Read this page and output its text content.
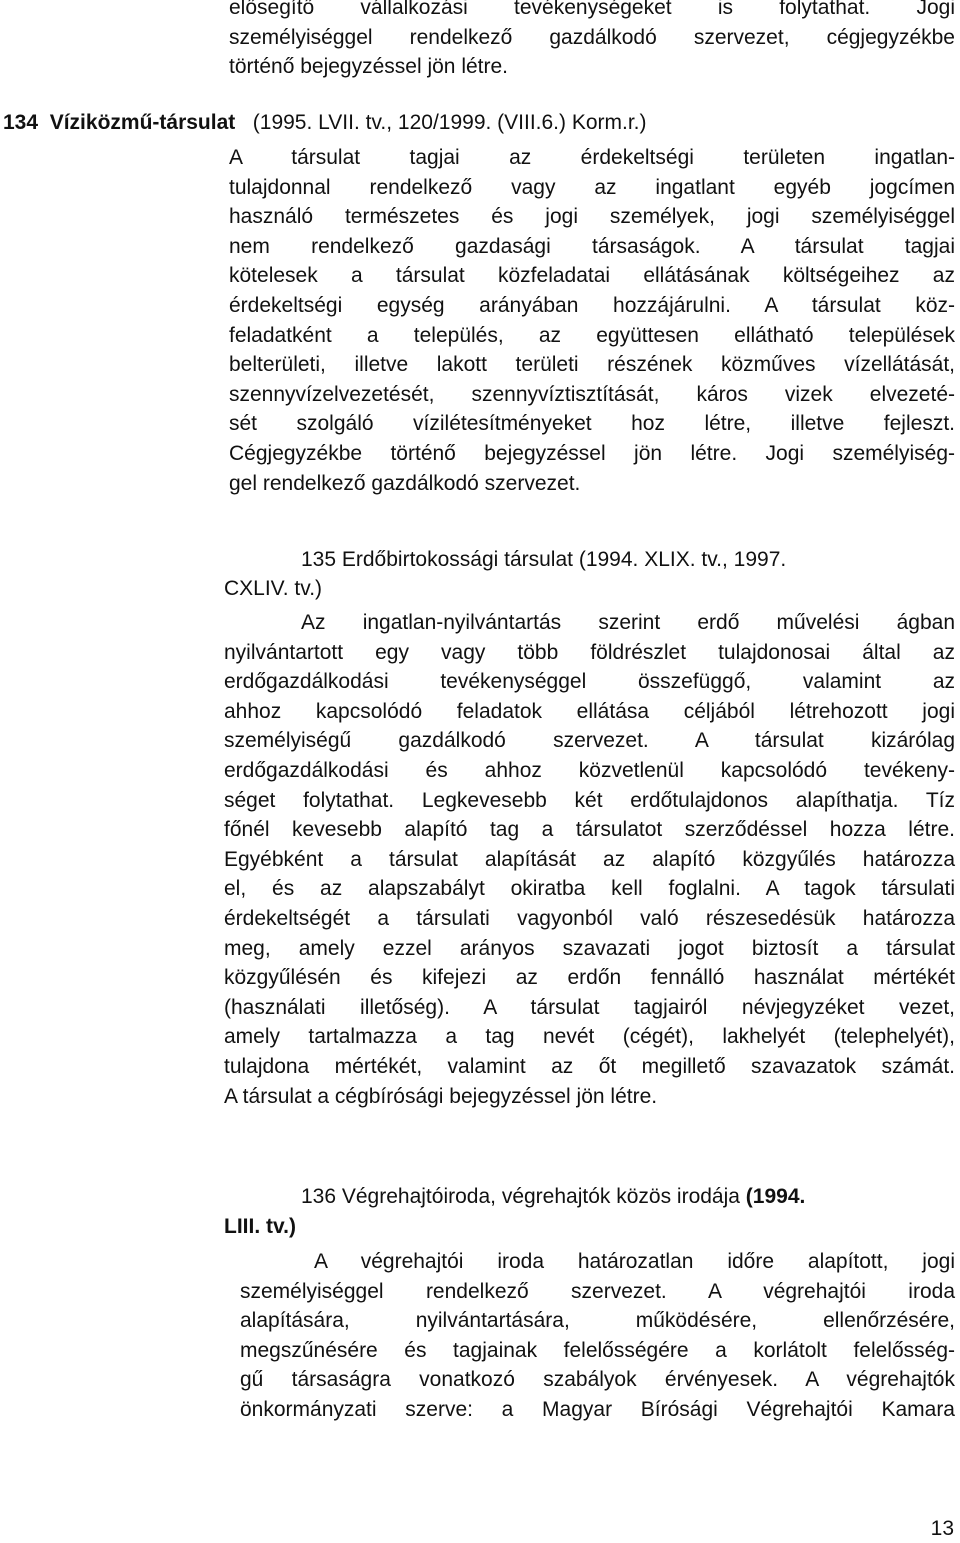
elősegítő vállalkozási tevékenységeket is folytathat. Jogi
személyiséggel rendelkező gazdálkodó szervezet, cégjegyzékbe
történő bejegyzéssel jön létre.
134 Víziközmű-társulat (1995. LVII. tv., 120/1999. (VIII.6.) Korm.r.)
A társulat tagjai az érdekeltségi területen ingatlan-
tulajdonnal rendelkező vagy az ingatlant egyéb jogcímen
használó természetes és jogi személyek, jogi személyiséggel
nem rendelkező gazdasági társaságok. A társulat tagjai
kötelesek a társulat közfeladatai ellátásának költségeihez az
érdekeltségi egység arányában hozzájárulni. A társulat köz-
feladatként a település, az együttesen ellátható települések
belterületi, illetve lakott területi részének közműves vízellátását,
szennyvízelvezetését, szennyvíztisztítását, káros vizek elvezeté-
sét szolgáló vízilétesítményeket hoz létre, illetve fejleszt.
Cégjegyzékbe történő bejegyzéssel jön létre. Jogi személyiség-
gel rendelkező gazdálkodó szervezet.
135 Erdőbirtokossági társulat (1994. XLIX. tv., 1997.
CXLIV. tv.)
Az ingatlan-nyilvántartás szerint erdő művelési ágban
nyilvántartott egy vagy több földrészlet tulajdonosai által az
erdőgazdálkodási tevékenységgel összefüggő, valamint az
ahhoz kapcsolódó feladatok ellátása céljából létrehozott jogi
személyiségű gazdálkodó szervezet. A társulat kizárólag
erdőgazdálkodási és ahhoz közvetlenül kapcsolódó tevékeny-
séget folytathat. Legkevesebb két erdőtulajdonos alapíthatja. Tíz
főnél kevesebb alapító tag a társulatot szerződéssel hozza létre.
Egyébként a társulat alapítását az alapító közgyűlés határozza
el, és az alapszabályt okiratba kell foglalni. A tagok társulati
érdekeltségét a társulati vagyonból való részesedésük határozza
meg, amely ezzel arányos szavazati jogot biztosít a társulat
közgyűlésén és kifejezi az erdőn fennálló használat mértékét
(használati illetőség). A társulat tagjairól névjegyzéket vezet,
amely tartalmazza a tag nevét (cégét), lakhelyét (telephelyét),
tulajdona mértékét, valamint az őt megillető szavazatok számát.
A társulat a cégbírósági bejegyzéssel jön létre.
136 Végrehajtóiroda, végrehajtók közös irodája (1994.
LIII. tv.)
A végrehajtói iroda határozatlan időre alapított, jogi
személyiséggel rendelkező szervezet. A végrehajtói iroda
alapítására, nyilvántartására, működésére, ellenőrzésére,
megszűnésére és tagjainak felelősségére a korlátolt felelősség-
gű társaságra vonatkozó szabályok érvényesek. A végrehajtók
önkormányzati szerve: a Magyar Bírósági Végrehajtói Kamara
13
